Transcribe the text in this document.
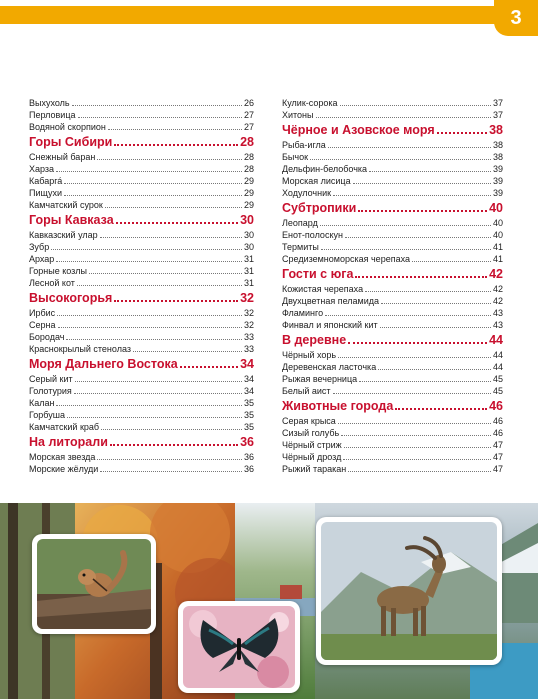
3
Выхухоль	26
Перловица	27
Водяной скорпион	27
Горы Сибири	28
Снежный баран	28
Харза	28
Кабарга́	29
Пищухи	29
Камчатский сурок	29
Горы Кавказа	30
Кавказский улар	30
Зубр	30
Архар	31
Горные козлы	31
Лесной кот	31
Высокогорья	32
Ирбис	32
Серна	32
Бородач	33
Краснокрылый стенолаз	33
Моря Дальнего Востока	34
Серый кит	34
Голотурия	34
Калан	35
Горбуша	35
Камчатский краб	35
На литорали	36
Морская звезда	36
Морские жёлуди	36
Кулик-сорока	37
Хитоны	37
Чёрное и Азовское моря	38
Рыба-игла	38
Бычок	38
Дельфин-белобочка	39
Морская лисица	39
Ходулочник	39
Субтропики	40
Леопард	40
Енот-полоскун	40
Термиты	41
Средиземноморская черепаха	41
Гости с юга	42
Кожистая черепаха	42
Двухцветная пеламида	42
Фламинго	43
Финвал и японский кит	43
В деревне	44
Чёрный хорь	44
Деревенская ласточка	44
Рыжая вечерница	45
Белый аист	45
Животные города	46
Серая крыса	46
Сизый голубь	46
Чёрный стриж	47
Чёрный дрозд	47
Рыжий таракан	47
